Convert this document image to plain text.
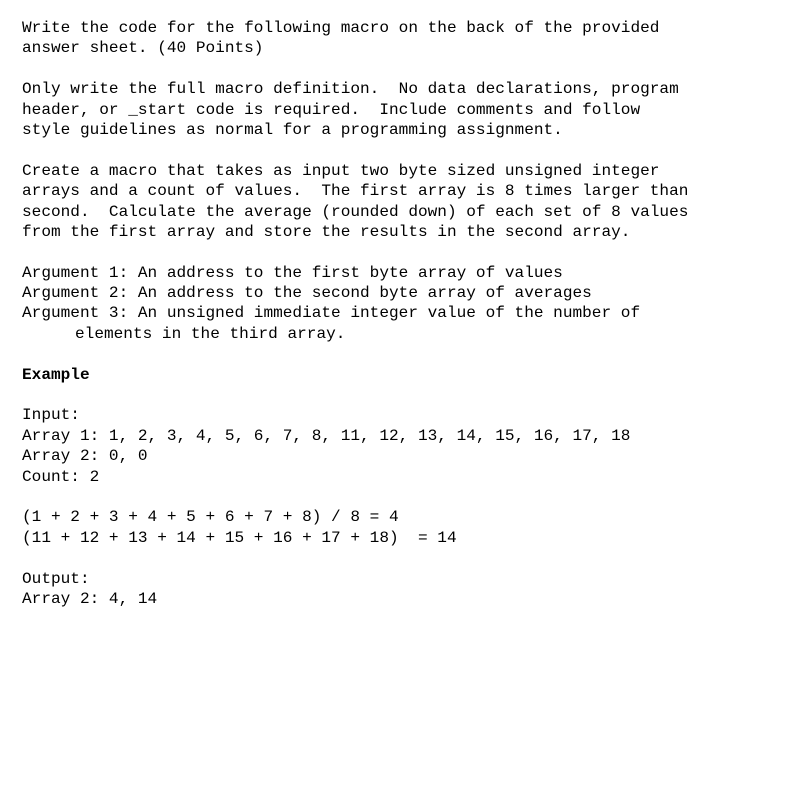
Write the code for the following macro on the back of the provided
answer sheet. (40 Points)
Only write the full macro definition.  No data declarations, program
header, or _start code is required.  Include comments and follow
style guidelines as normal for a programming assignment.
Create a macro that takes as input two byte sized unsigned integer
arrays and a count of values.  The first array is 8 times larger than
second.  Calculate the average (rounded down) of each set of 8 values
from the first array and store the results in the second array.
Argument 1: An address to the first byte array of values
Argument 2: An address to the second byte array of averages
Argument 3: An unsigned immediate integer value of the number of
elements in the third array.
Example
Input:
Array 1: 1, 2, 3, 4, 5, 6, 7, 8, 11, 12, 13, 14, 15, 16, 17, 18
Array 2: 0, 0
Count: 2
(1 + 2 + 3 + 4 + 5 + 6 + 7 + 8) / 8 = 4
(11 + 12 + 13 + 14 + 15 + 16 + 17 + 18)  = 14
Output:
Array 2: 4, 14
